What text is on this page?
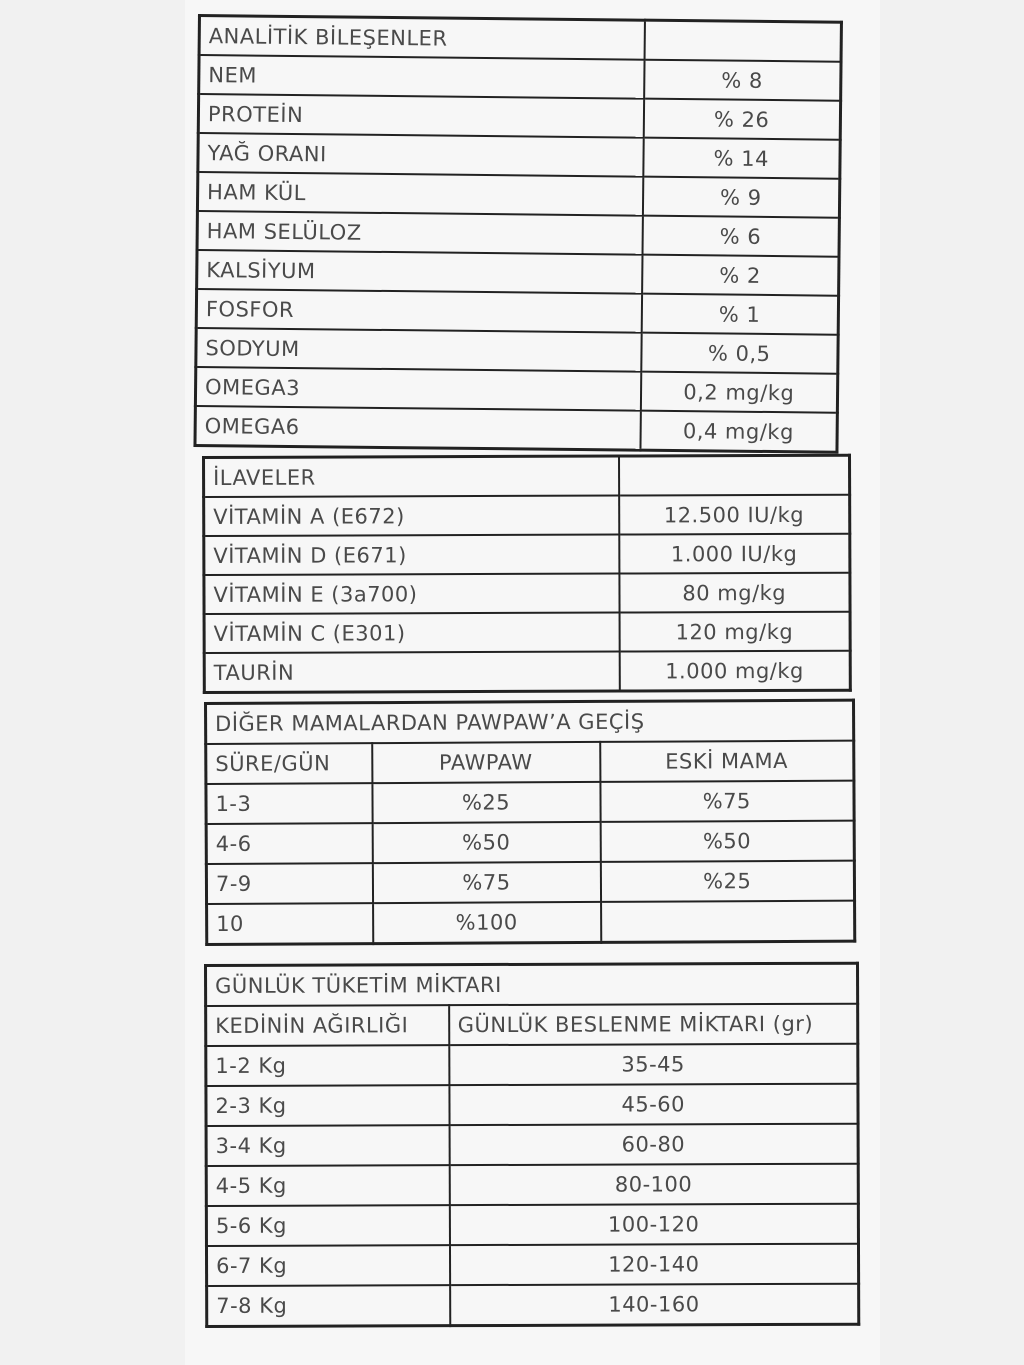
ANALİTİK BİLEŞENLER	
NEM	% 8
PROTEİN	% 26
YAĞ ORANI	% 14
HAM KÜL	% 9
HAM SELÜLOZ	% 6
KALSİYUM	% 2
FOSFOR	% 1
SODYUM	% 0,5
OMEGA3	0,2 mg/kg
OMEGA6	0,4 mg/kg
İLAVELER	
VİTAMİN A (E672)	12.500 IU/kg
VİTAMİN D (E671)	1.000 IU/kg
VİTAMİN E (3a700)	80 mg/kg
VİTAMİN C (E301)	120 mg/kg
TAURİN	1.000 mg/kg
DİĞER MAMALARDAN PAWPAW’A GEÇİŞ		
SÜRE/GÜN	PAWPAW	ESKİ MAMA
1-3	%25	%75
4-6	%50	%50
7-9	%75	%25
10	%100	
GÜNLÜK TÜKETİM MİKTARI	
KEDİNİN AĞIRLIĞI	GÜNLÜK BESLENME MİKTARI (gr)
1-2 Kg	35-45
2-3 Kg	45-60
3-4 Kg	60-80
4-5 Kg	80-100
5-6 Kg	100-120
6-7 Kg	120-140
7-8 Kg	140-160
